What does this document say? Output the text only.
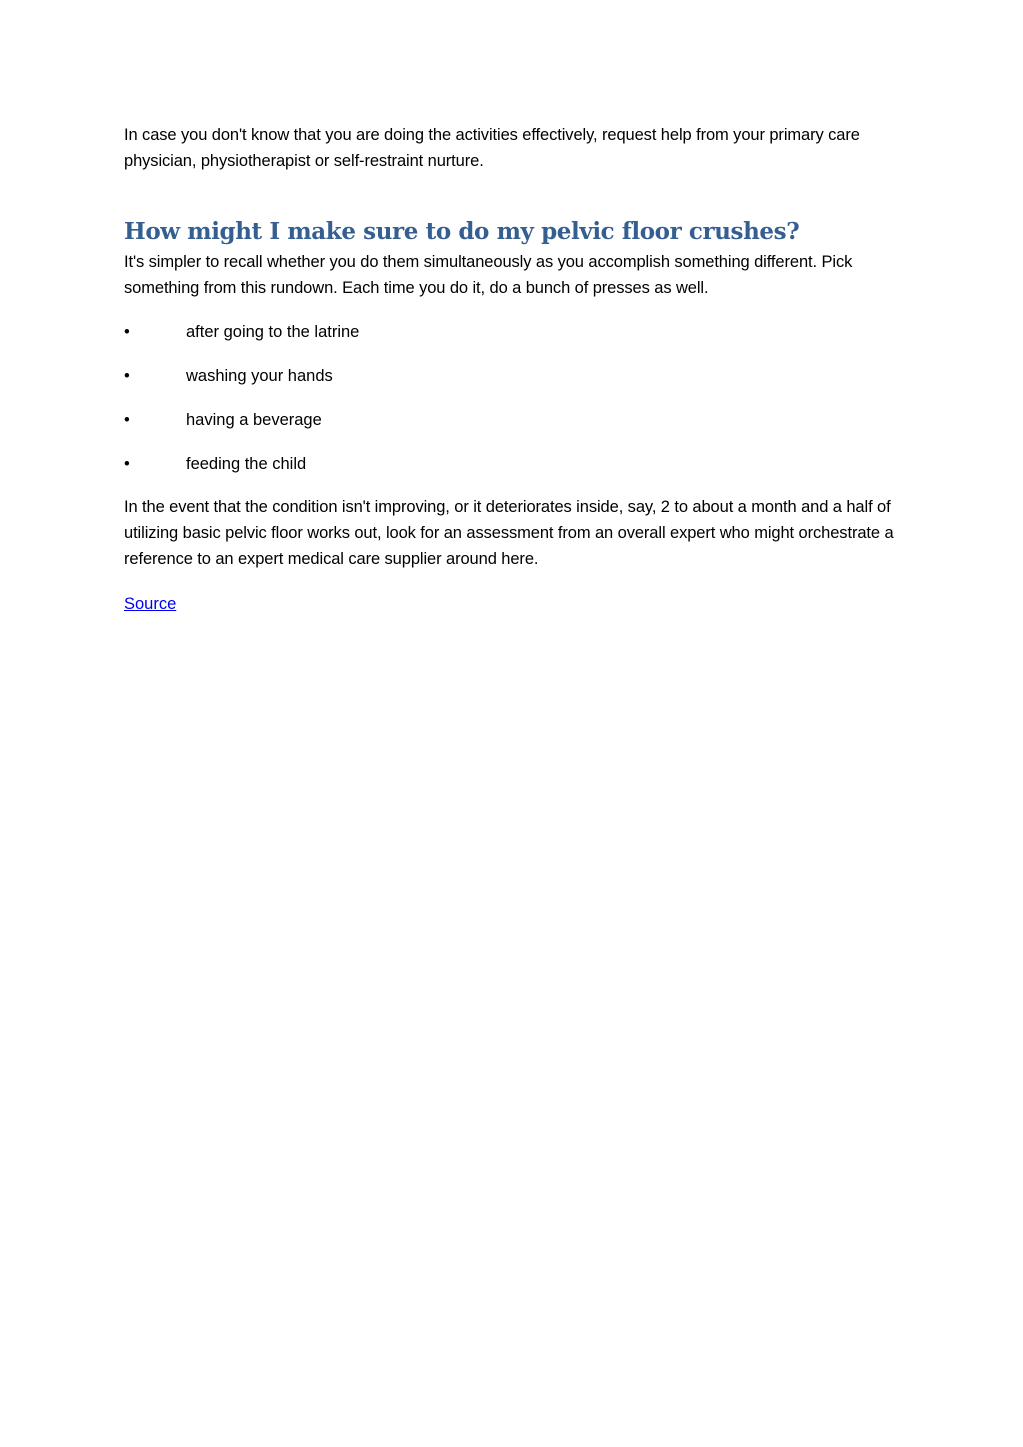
In case you don't know that you are doing the activities effectively, request help from your primary care physician, physiotherapist or self-restraint nurture.

How might I make sure to do my pelvic floor crushes?

It's simpler to recall whether you do them simultaneously as you accomplish something different. Pick something from this rundown. Each time you do it, do a bunch of presses as well.

•	after going to the latrine
•	washing your hands
•	having a beverage
•	feeding the child

In the event that the condition isn't improving, or it deteriorates inside, say, 2 to about a month and a half of utilizing basic pelvic floor works out, look for an assessment from an overall expert who might orchestrate a reference to an expert medical care supplier around here.

Source
